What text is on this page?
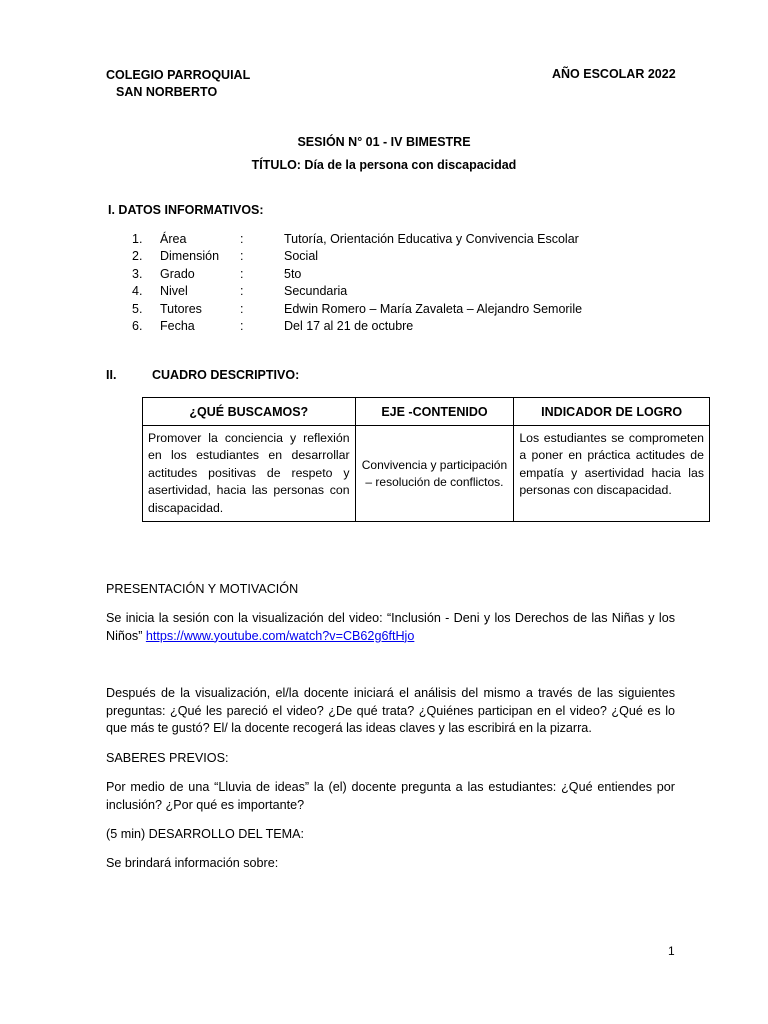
COLEGIO PARROQUIAL
SAN NORBERTO
AÑO ESCOLAR 2022
SESIÓN N° 01 - IV BIMESTRE
TÍTULO: Día de la persona con discapacidad
I. DATOS INFORMATIVOS:
1.	Área	:	Tutoría, Orientación Educativa y Convivencia Escolar
2.	Dimensión	:	Social
3.	Grado	:	5to
4.	Nivel	:	Secundaria
5.	Tutores	:	Edwin Romero – María Zavaleta – Alejandro Semorile
6.	Fecha	:	Del 17 al 21 de octubre
II.	CUADRO DESCRIPTIVO:
¿QUÉ BUSCAMOS?	EJE -CONTENIDO	INDICADOR DE LOGRO
Promover la conciencia y reflexión en los estudiantes en desarrollar actitudes positivas de respeto y asertividad, hacia las personas con discapacidad.	Convivencia y participación – resolución de conflictos.	Los estudiantes se comprometen a poner en práctica actitudes de empatía y asertividad hacia las personas con discapacidad.
PRESENTACIÓN Y MOTIVACIÓN
Se inicia la sesión con la visualización del video: “Inclusión - Deni y los Derechos de las Niñas y los Niños” https://www.youtube.com/watch?v=CB62g6ftHjo
Después de la visualización, el/la docente iniciará el análisis del mismo a través de las siguientes preguntas: ¿Qué les pareció el video? ¿De qué trata? ¿Quiénes participan en el video? ¿Qué es lo que más te gustó? El/ la docente recogerá las ideas claves y las escribirá en la pizarra.
SABERES PREVIOS:
Por medio de una “Lluvia de ideas” la (el) docente pregunta a las estudiantes: ¿Qué entiendes por inclusión? ¿Por qué es importante?
(5 min) DESARROLLO DEL TEMA:
Se brindará información sobre:
1
